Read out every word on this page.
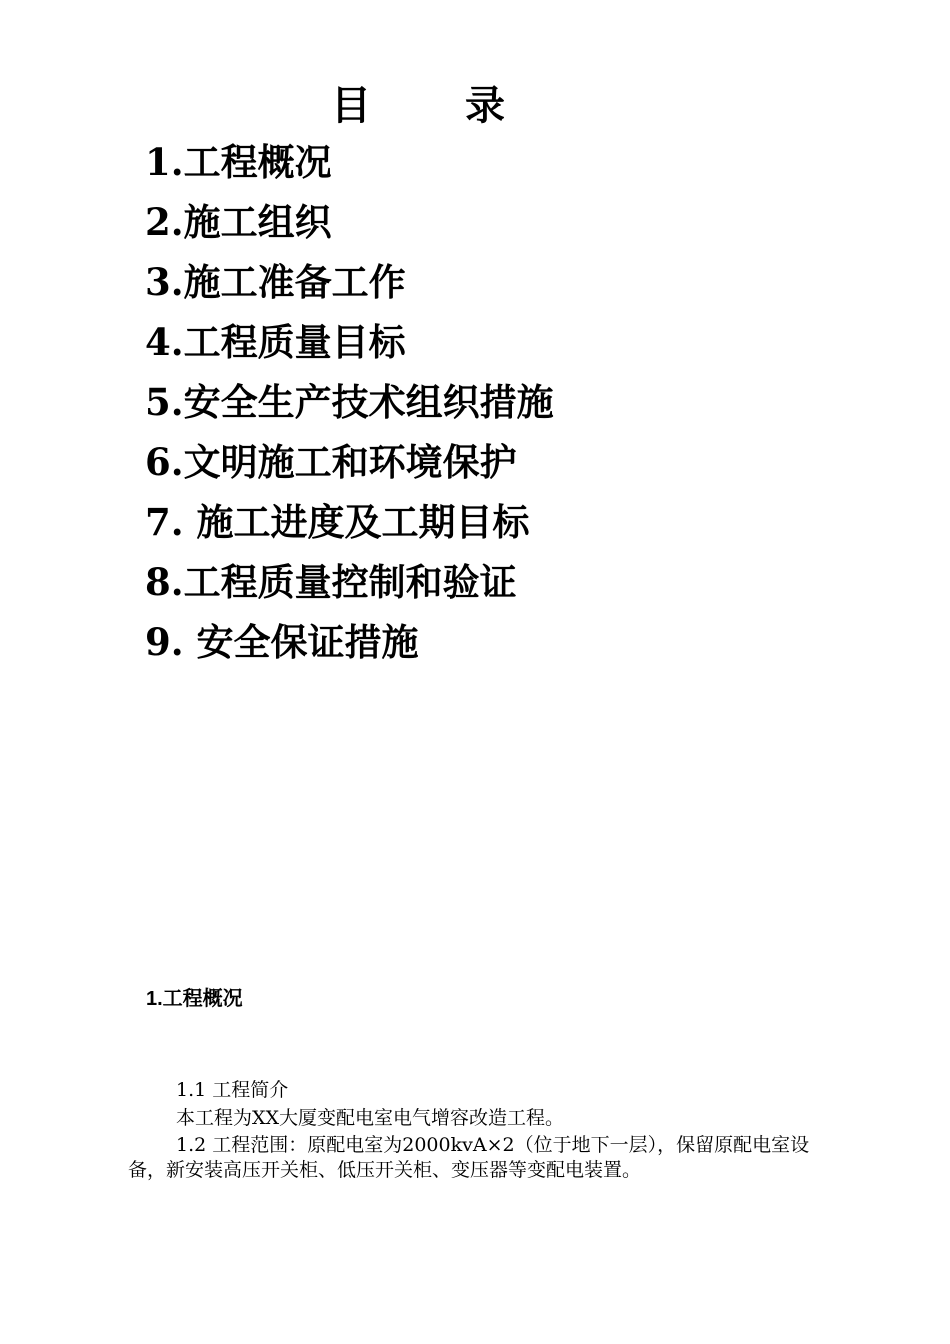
目 录
1.工程概况
2.施工组织
3.施工准备工作
4.工程质量目标
5.安全生产技术组织措施
6.文明施工和环境保护
7. 施工进度及工期目标
8.工程质量控制和验证
9. 安全保证措施
1.工程概况

1.1 工程简介

本工程为XX大厦变配电室电气增容改造工程。

1.2 工程范围：原配电室为2000kvA×2（位于地下一层），保留原配电室设备，新安装高压开关柜、低压开关柜、变压器等变配电装置。
